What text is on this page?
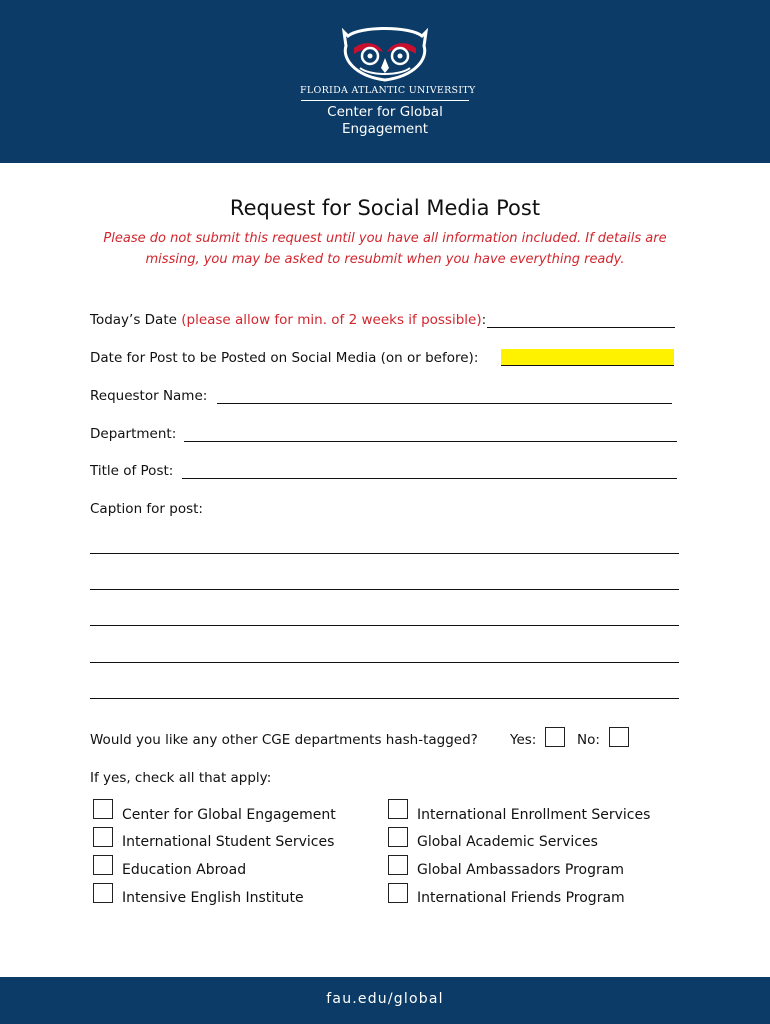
FLORIDA ATLANTIC UNIVERSITY
Center for Global
Engagement
Request for Social Media Post
Please do not submit this request until you have all information included. If details are missing, you may be asked to resubmit when you have everything ready.
Today’s Date (please allow for min. of 2 weeks if possible):
Date for Post to be Posted on Social Media (on or before):
Requestor Name:
Department:
Title of Post:
Caption for post:
Would you like any other CGE departments hash-tagged? Yes:	No:
If yes, check all that apply:
Center for Global Engagement
International Student Services
Education Abroad
Intensive English Institute
International Enrollment Services
Global Academic Services
Global Ambassadors Program
International Friends Program
fau.edu/global
